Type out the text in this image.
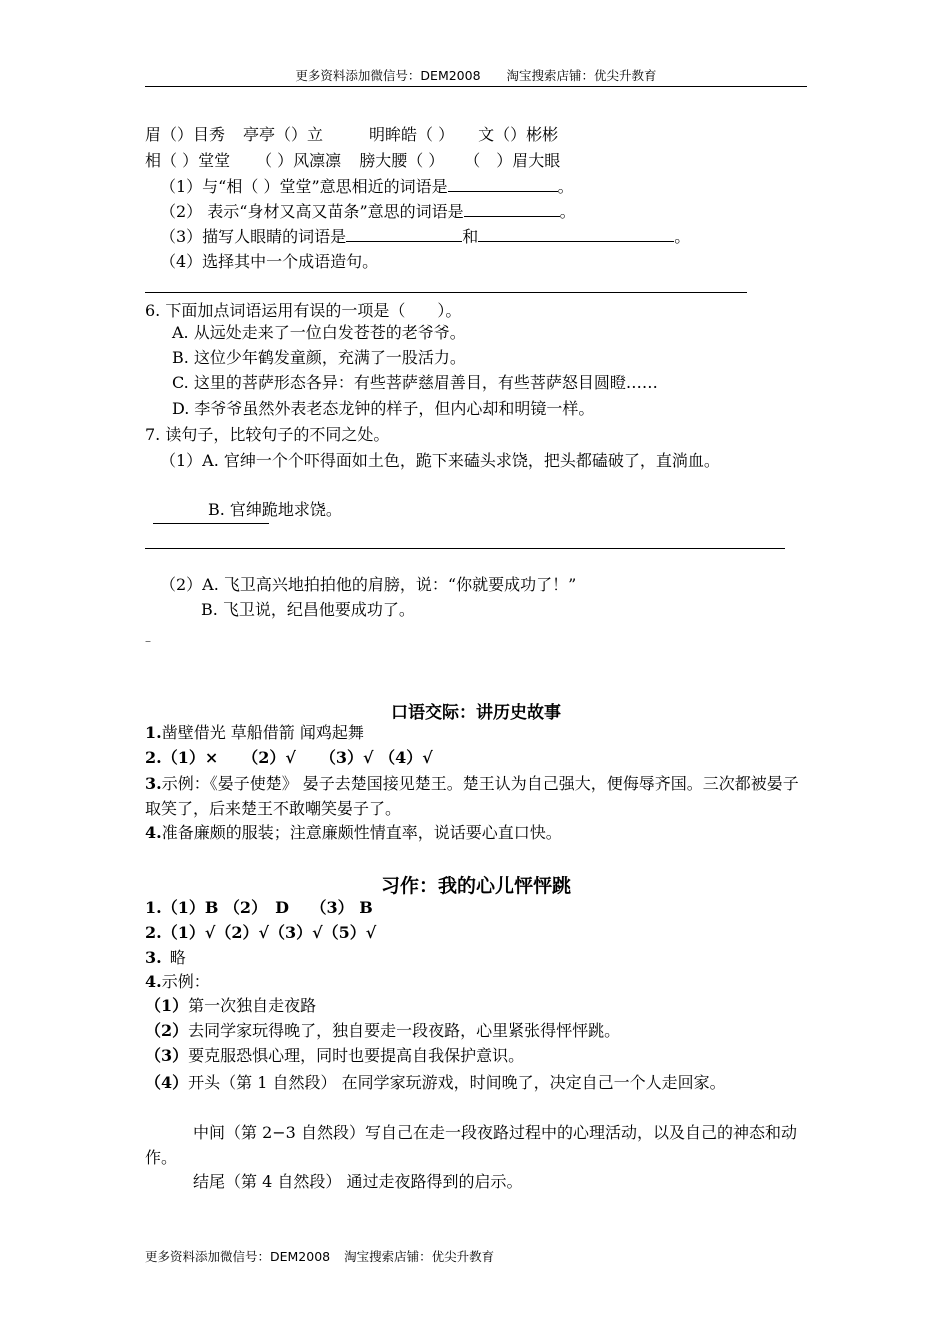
更多资料添加微信号：DEM2008 淘宝搜索店铺：优尖升教育
眉（）目秀 亭亭（）立	明眸皓（ ） 文（）彬彬
相（ ）堂堂 （ ）风凛凛 膀大腰（ ） （　）眉大眼
（1）与“相（ ）堂堂”意思相近的词语是	。
（2） 表示“身材又高又苗条”意思的词语是	。
（3）描写人眼睛的词语是	和	。
（4）选择其中一个成语造句。
6. 下面加点词语运用有误的一项是（　　）。
A. 从远处走来了一位白发苍苍的老爷爷。
B. 这位少年鹤发童颜，充满了一股活力。
C. 这里的菩萨形态各异：有些菩萨慈眉善目，有些菩萨怒目圆瞪……
D. 李爷爷虽然外表老态龙钟的样子，但内心却和明镜一样。
7. 读句子，比较句子的不同之处。
（1）A. 官绅一个个吓得面如土色，跪下来磕头求饶，把头都磕破了，直淌血。
B. 官绅跪地求饶。
（2）A. 飞卫高兴地拍拍他的肩膀，说：“你就要成功了！”
B. 飞卫说，纪昌他要成功了。
–
口语交际：讲历史故事
1.凿壁借光 草船借箭 闻鸡起舞
2.（1）×　　（2）√　　（3）√ （4）√
3.示例：《晏子使楚》 晏子去楚国接见楚王。楚王认为自己强大，便侮辱齐国。三次都被晏子取笑了，后来楚王不敢嘲笑晏子了。
4.准备廉颇的服装；注意廉颇性情直率，说话要心直口快。
习作：我的心儿怦怦跳
1.（1）B （2）　D　 （3） B
2.（1）√（2）√（3）√（5）√
3. 略
4.示例：
（1）第一次独自走夜路
（2）去同学家玩得晚了，独自要走一段夜路，心里紧张得怦怦跳。
（3）要克服恐惧心理，同时也要提高自我保护意识。
（4）开头（第 1 自然段） 在同学家玩游戏，时间晚了，决定自己一个人走回家。
中间（第 2−3 自然段）写自己在走一段夜路过程中的心理活动，以及自己的神态和动作。
结尾（第 4 自然段） 通过走夜路得到的启示。
更多资料添加微信号：DEM2008 淘宝搜索店铺：优尖升教育
